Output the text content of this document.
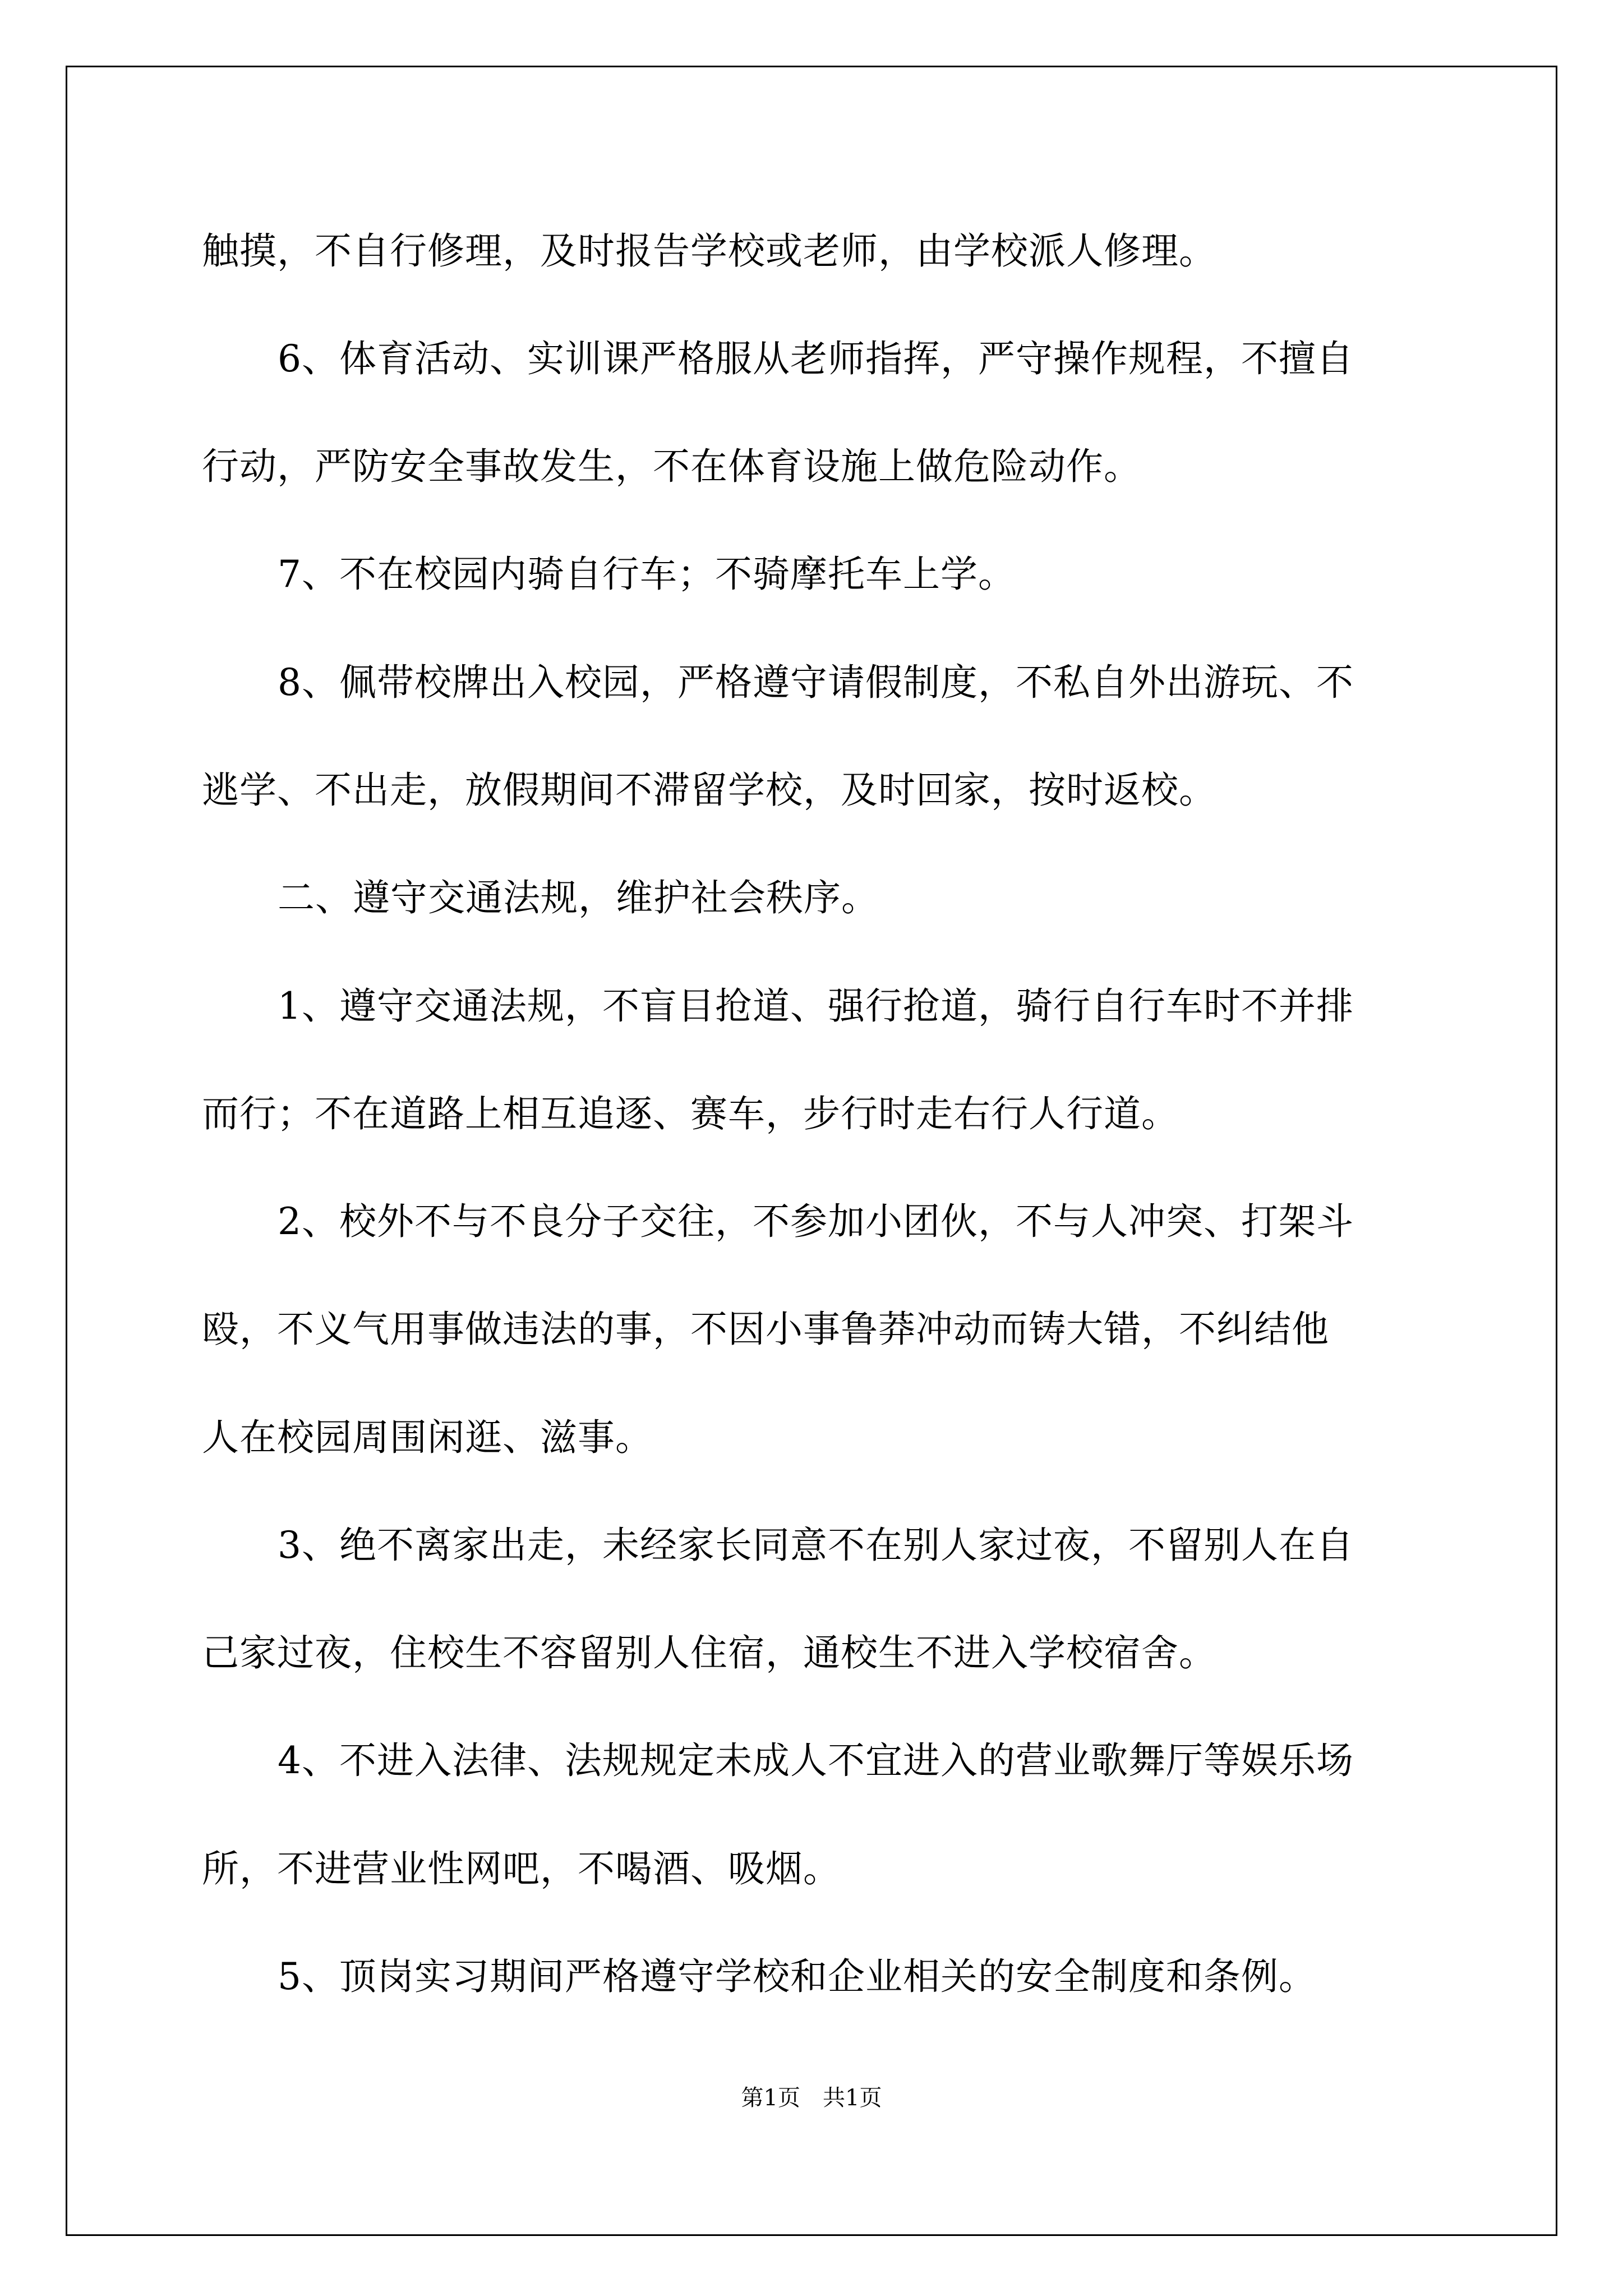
触摸，不自行修理，及时报告学校或老师，由学校派人修理。
6、体育活动、实训课严格服从老师指挥，严守操作规程，不擅自
行动，严防安全事故发生，不在体育设施上做危险动作。
7、不在校园内骑自行车；不骑摩托车上学。
8、佩带校牌出入校园，严格遵守请假制度，不私自外出游玩、不
逃学、不出走，放假期间不滞留学校，及时回家，按时返校。
二、遵守交通法规，维护社会秩序。
1、遵守交通法规，不盲目抢道、强行抢道，骑行自行车时不并排
而行；不在道路上相互追逐、赛车，步行时走右行人行道。
2、校外不与不良分子交往，不参加小团伙，不与人冲突、打架斗
殴，不义气用事做违法的事，不因小事鲁莽冲动而铸大错，不纠结他
人在校园周围闲逛、滋事。
3、绝不离家出走，未经家长同意不在别人家过夜，不留别人在自
己家过夜，住校生不容留别人住宿，通校生不进入学校宿舍。
4、不进入法律、法规规定未成人不宜进入的营业歌舞厅等娱乐场
所，不进营业性网吧，不喝酒、吸烟。
5、顶岗实习期间严格遵守学校和企业相关的安全制度和条例。
第1页　共1页
